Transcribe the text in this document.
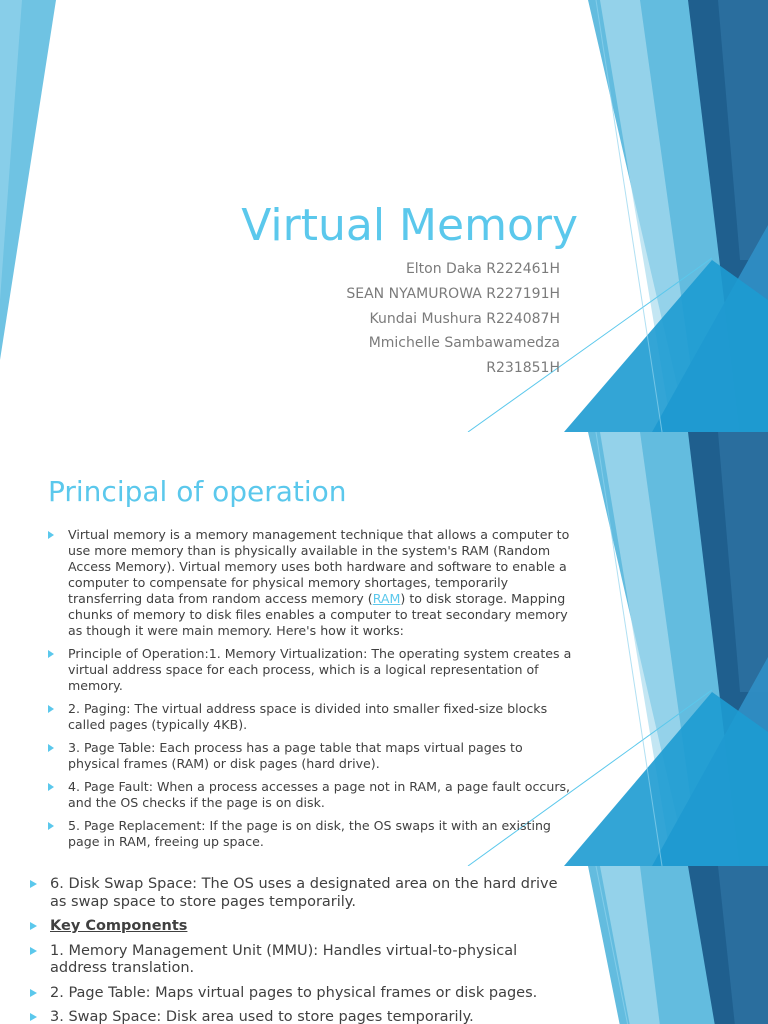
Virtual Memory
Elton Daka R222461H
SEAN NYAMUROWA R227191H
Kundai Mushura R224087H
Mmichelle Sambawamedza
R231851H
Principal of operation
Virtual memory is a memory management technique that allows a computer to use more memory than is physically available in the system's RAM (Random Access Memory). Virtual memory uses both hardware and software to enable a computer to compensate for physical memory shortages, temporarily transferring data from random access memory (RAM) to disk storage. Mapping chunks of memory to disk files enables a computer to treat secondary memory as though it were main memory. Here's how it works:
Principle of Operation:1. Memory Virtualization: The operating system creates a virtual address space for each process, which is a logical representation of memory.
2. Paging: The virtual address space is divided into smaller fixed-size blocks called pages (typically 4KB).
3. Page Table: Each process has a page table that maps virtual pages to physical frames (RAM) or disk pages (hard drive).
4. Page Fault: When a process accesses a page not in RAM, a page fault occurs, and the OS checks if the page is on disk.
5. Page Replacement: If the page is on disk, the OS swaps it with an existing page in RAM, freeing up space.
6. Disk Swap Space: The OS uses a designated area on the hard drive as swap space to store pages temporarily.
Key Components
1. Memory Management Unit (MMU): Handles virtual-to-physical address translation.
2. Page Table: Maps virtual pages to physical frames or disk pages.
3. Swap Space: Disk area used to store pages temporarily.
